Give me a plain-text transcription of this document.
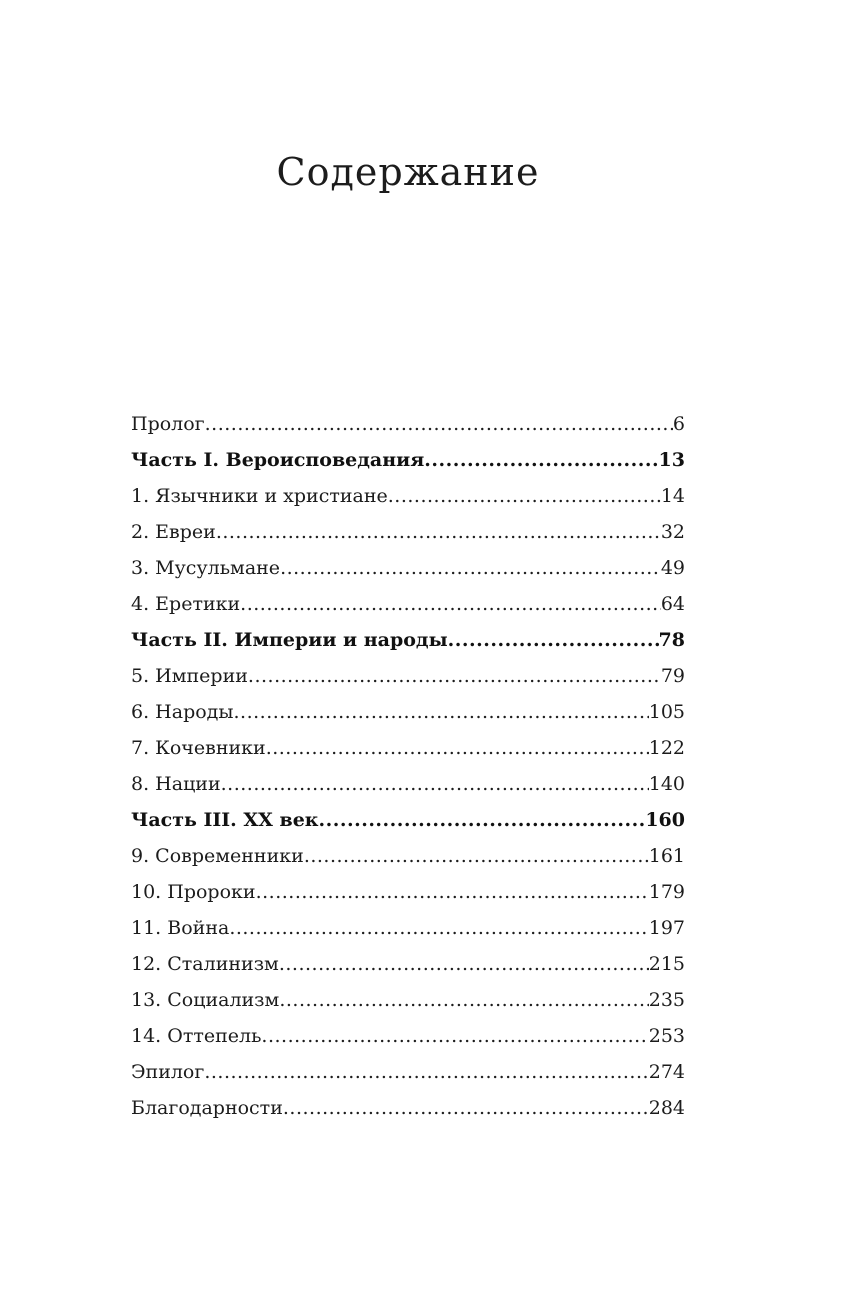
Содержание
Пролог .....	6
Часть I. Вероисповедания .....	13
1. Язычники и христиане .....	14
2. Евреи .....	32
3. Мусульмане .....	49
4. Еретики .....	64
Часть II. Империи и народы .....	78
5. Империи .....	79
6. Народы .....	105
7. Кочевники .....	122
8. Нации .....	140
Часть III. XX век .....	160
9. Современники .....	161
10. Пророки .....	179
11. Война .....	197
12. Сталинизм .....	215
13. Социализм .....	235
14. Оттепель .....	253
Эпилог .....	274
Благодарности .....	284
